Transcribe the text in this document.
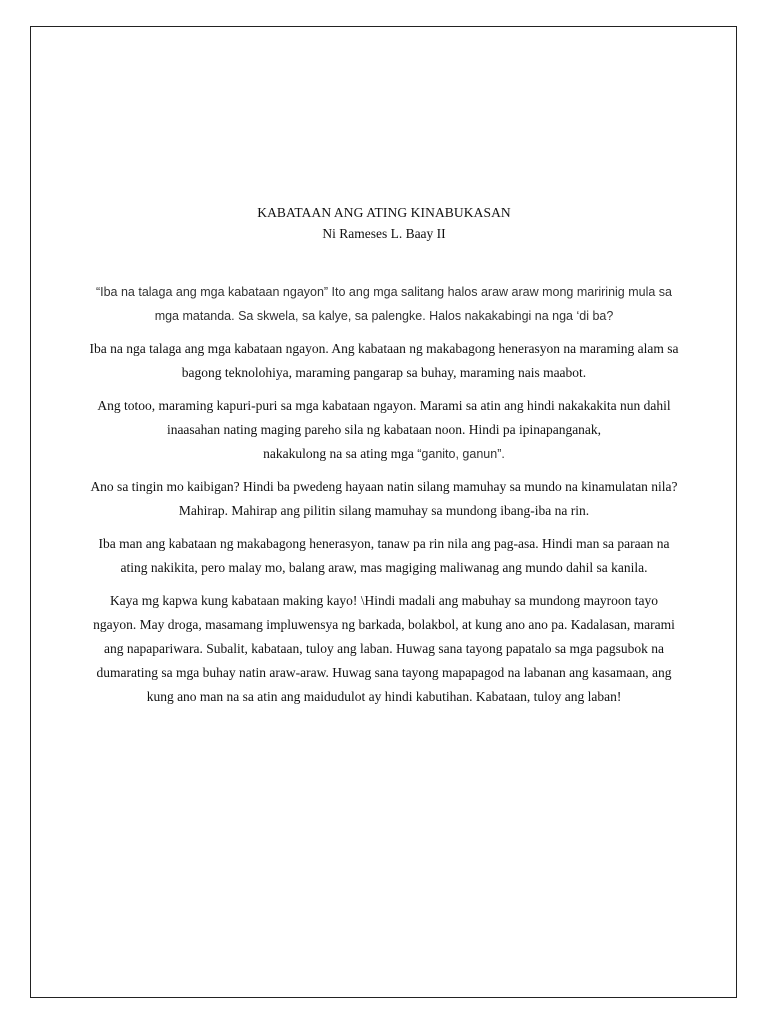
KABATAAN ANG ATING KINABUKASAN

Ni Rameses L. Baay II

“Iba na talaga ang mga kabataan ngayon” Ito ang mga salitang halos araw araw mong maririnig mula sa mga matanda. Sa skwela, sa kalye, sa palengke. Halos nakakabingi na nga ‘di ba?

Iba na nga talaga ang mga kabataan ngayon. Ang kabataan ng makabagong henerasyon na maraming alam sa bagong teknolohiya, maraming pangarap sa buhay, maraming nais maabot.

Ang totoo, maraming kapuri-puri sa mga kabataan ngayon. Marami sa atin ang hindi nakakakita nun dahil inaasahan nating maging pareho sila ng kabataan noon. Hindi pa ipinapanganak,
nakakulong na sa ating mga “ganito, ganun”.

Ano sa tingin mo kaibigan? Hindi ba pwedeng hayaan natin silang mamuhay sa mundo na kinamulatan nila? Mahirap. Mahirap ang pilitin silang mamuhay sa mundong ibang-iba na rin.

Iba man ang kabataan ng makabagong henerasyon, tanaw pa rin nila ang pag-asa. Hindi man sa paraan na ating nakikita, pero malay mo, balang araw, mas magiging maliwanag ang mundo dahil sa kanila.

Kaya mg kapwa kung kabataan making kayo! \Hindi madali ang mabuhay sa mundong mayroon tayo ngayon. May droga, masamang impluwensya ng barkada, bolakbol, at kung ano ano pa. Kadalasan, marami ang napapariwara. Subalit, kabataan, tuloy ang laban. Huwag sana tayong papatalo sa mga pagsubok na dumarating sa mga buhay natin araw-araw. Huwag sana tayong mapapagod na labanan ang kasamaan, ang kung ano man na sa atin ang maidudulot ay hindi kabutihan. Kabataan, tuloy ang laban!
